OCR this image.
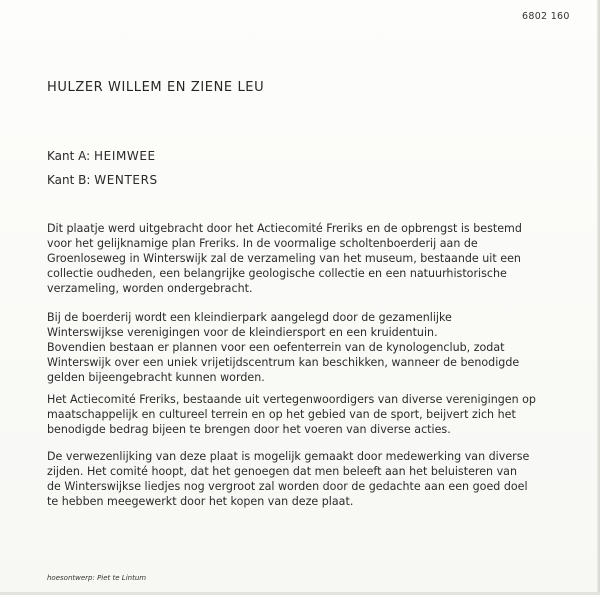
6802 160
HULZER WILLEM EN ZIENE LEU
Kant A: HEIMWEE
Kant B: WENTERS

Dit plaatje werd uitgebracht door het Actiecomité Freriks en de opbrengst is bestemd
voor het gelijknamige plan Freriks. In de voormalige scholtenboerderij aan de
Groenloseweg in Winterswijk zal de verzameling van het museum, bestaande uit een
collectie oudheden, een belangrijke geologische collectie en een natuurhistorische
verzameling, worden ondergebracht.

Bij de boerderij wordt een kleindierpark aangelegd door de gezamenlijke
Winterswijkse verenigingen voor de kleindiersport en een kruidentuin.
Bovendien bestaan er plannen voor een oefenterrein van de kynologenclub, zodat
Winterswijk over een uniek vrijetijdscentrum kan beschikken, wanneer de benodigde
gelden bijeengebracht kunnen worden.

Het Actiecomité Freriks, bestaande uit vertegenwoordigers van diverse verenigingen op
maatschappelijk en cultureel terrein en op het gebied van de sport, beijvert zich het
benodigde bedrag bijeen te brengen door het voeren van diverse acties.

De verwezenlijking van deze plaat is mogelijk gemaakt door medewerking van diverse
zijden. Het comité hoopt, dat het genoegen dat men beleeft aan het beluisteren van
de Winterswijkse liedjes nog vergroot zal worden door de gedachte aan een goed doel
te hebben meegewerkt door het kopen van deze plaat.

hoesontwerp: Piet te Lintum
